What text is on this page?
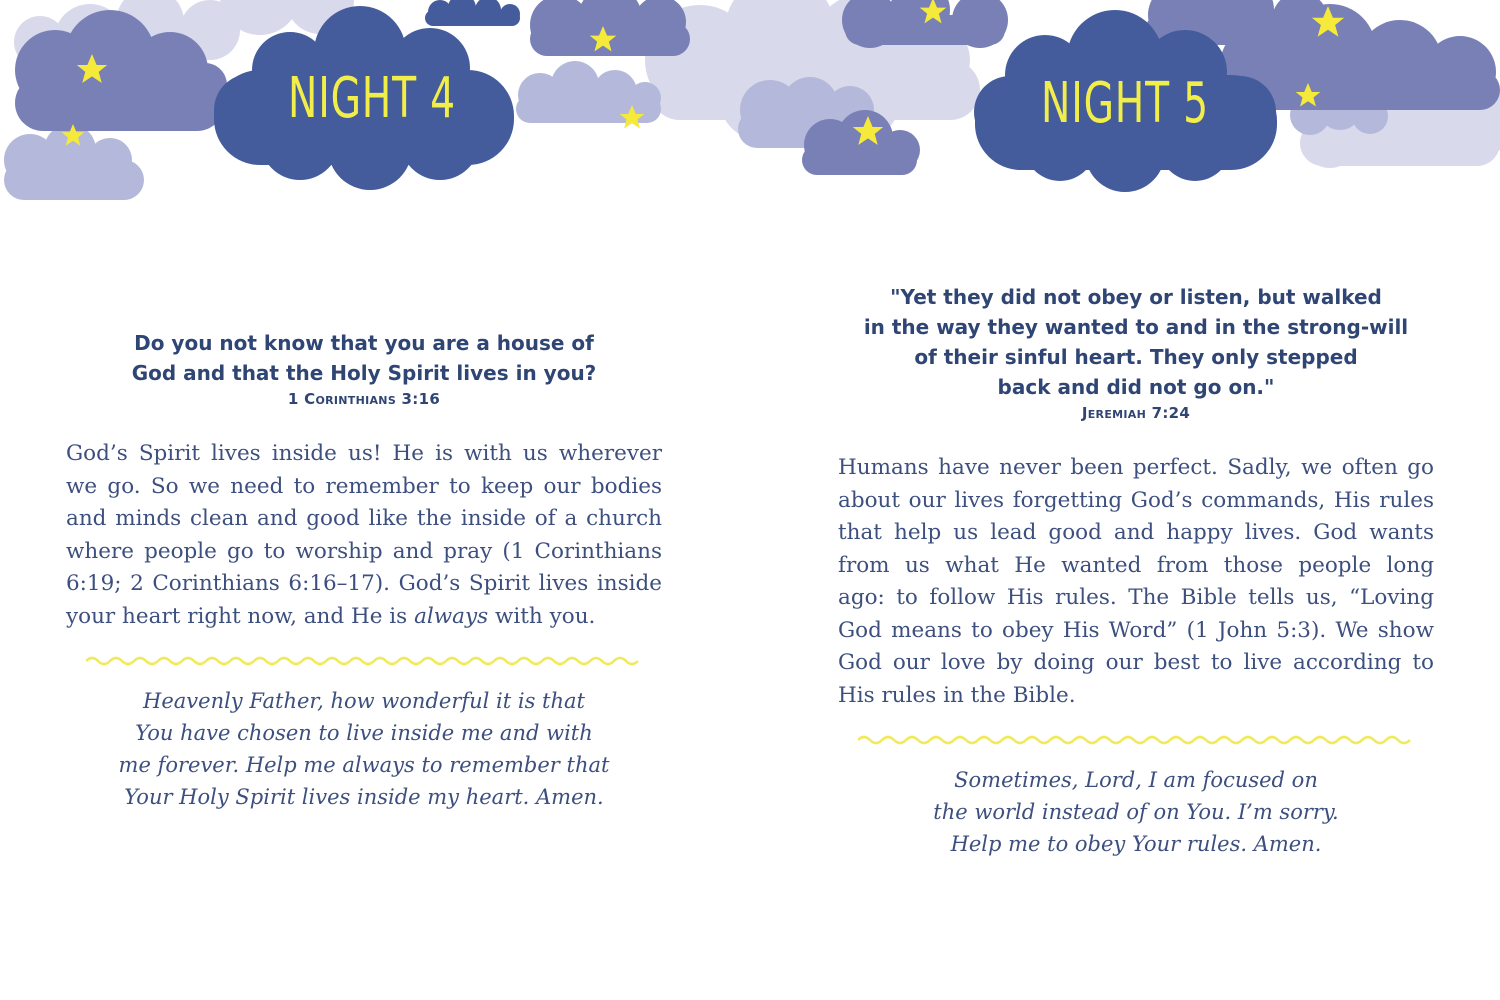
NIGHT 4	NIGHT 5
Do you not know that you are a house of
God and that the Holy Spirit lives in you?
1 Corinthians 3:16
God’s Spirit lives inside us! He is with us wherever
we go. So we need to remember to keep our bodies
and minds clean and good like the inside of a church
where people go to worship and pray (1 Corinthians
6:19; 2 Corinthians 6:16–17). God’s Spirit lives inside
your heart right now, and He is always with you.
Heavenly Father, how wonderful it is that
You have chosen to live inside me and with
me forever. Help me always to remember that
Your Holy Spirit lives inside my heart. Amen.
"Yet they did not obey or listen, but walked
in the way they wanted to and in the strong-will
of their sinful heart. They only stepped
back and did not go on."
Jeremiah 7:24
Humans have never been perfect. Sadly, we often go
about our lives forgetting God’s commands, His rules
that help us lead good and happy lives. God wants
from us what He wanted from those people long
ago: to follow His rules. The Bible tells us, “Loving
God means to obey His Word” (1 John 5:3). We show
God our love by doing our best to live according to
His rules in the Bible.
Sometimes, Lord, I am focused on
the world instead of on You. I’m sorry.
Help me to obey Your rules. Amen.
